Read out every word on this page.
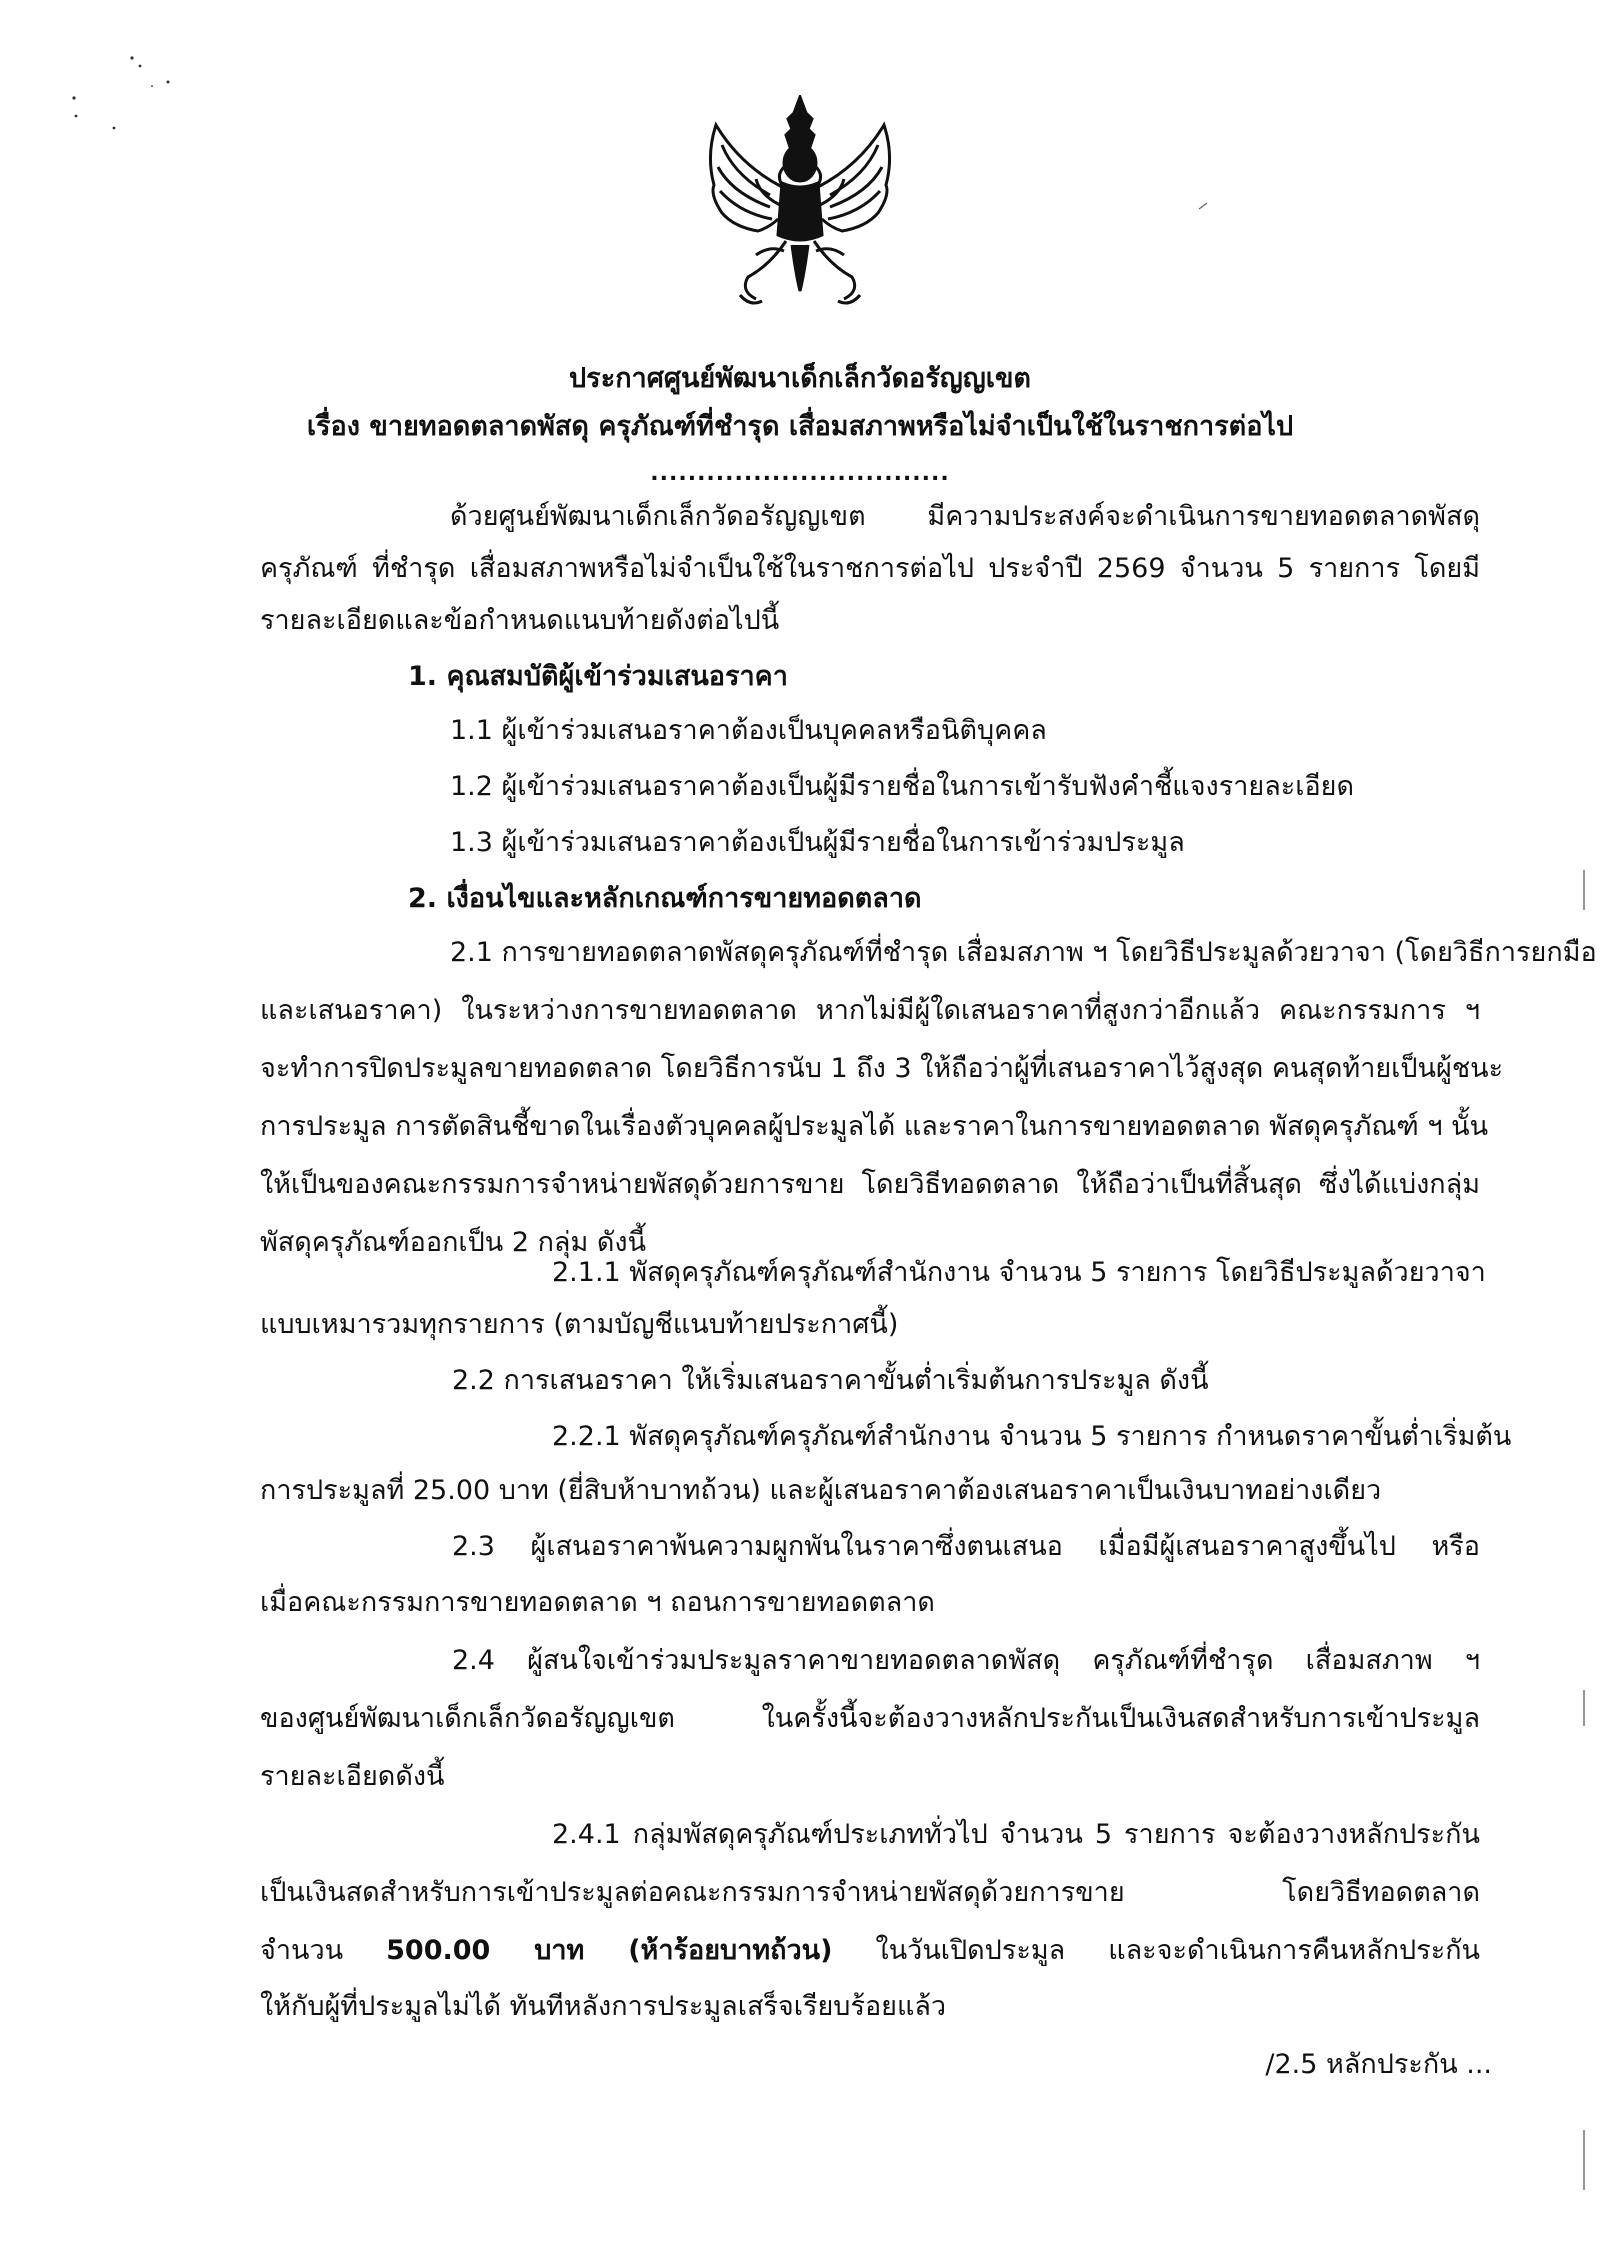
ประกาศศูนย์พัฒนาเด็กเล็กวัดอรัญญเขต
เรื่อง ขายทอดตลาดพัสดุ ครุภัณฑ์ที่ชำรุด เสื่อมสภาพหรือไม่จำเป็นใช้ในราชการต่อไป
................................
ด้วยศูนย์พัฒนาเด็กเล็กวัดอรัญญเขต มีความประสงค์จะดำเนินการขายทอดตลาดพัสดุ
ครุภัณฑ์ ที่ชำรุด เสื่อมสภาพหรือไม่จำเป็นใช้ในราชการต่อไป ประจำปี 2569 จำนวน 5 รายการ โดยมี
รายละเอียดและข้อกำหนดแนบท้ายดังต่อไปนี้
1. คุณสมบัติผู้เข้าร่วมเสนอราคา
1.1 ผู้เข้าร่วมเสนอราคาต้องเป็นบุคคลหรือนิติบุคคล
1.2 ผู้เข้าร่วมเสนอราคาต้องเป็นผู้มีรายชื่อในการเข้ารับฟังคำชี้แจงรายละเอียด
1.3 ผู้เข้าร่วมเสนอราคาต้องเป็นผู้มีรายชื่อในการเข้าร่วมประมูล
2. เงื่อนไขและหลักเกณฑ์การขายทอดตลาด
2.1 การขายทอดตลาดพัสดุครุภัณฑ์ที่ชำรุด เสื่อมสภาพ ฯ โดยวิธีประมูลด้วยวาจา (โดยวิธีการยกมือ
และเสนอราคา) ในระหว่างการขายทอดตลาด หากไม่มีผู้ใดเสนอราคาที่สูงกว่าอีกแล้ว คณะกรรมการ ฯ
จะทำการปิดประมูลขายทอดตลาด โดยวิธีการนับ 1 ถึง 3 ให้ถือว่าผู้ที่เสนอราคาไว้สูงสุด คนสุดท้ายเป็นผู้ชนะ
การประมูล การตัดสินชี้ขาดในเรื่องตัวบุคคลผู้ประมูลได้ และราคาในการขายทอดตลาด พัสดุครุภัณฑ์ ฯ นั้น
ให้เป็นของคณะกรรมการจำหน่ายพัสดุด้วยการขาย โดยวิธีทอดตลาด ให้ถือว่าเป็นที่สิ้นสุด ซึ่งได้แบ่งกลุ่ม
พัสดุครุภัณฑ์ออกเป็น 2 กลุ่ม ดังนี้
2.1.1 พัสดุครุภัณฑ์ครุภัณฑ์สำนักงาน จำนวน 5 รายการ โดยวิธีประมูลด้วยวาจา
แบบเหมารวมทุกรายการ (ตามบัญชีแนบท้ายประกาศนี้)
2.2 การเสนอราคา ให้เริ่มเสนอราคาขั้นต่ำเริ่มต้นการประมูล ดังนี้
2.2.1 พัสดุครุภัณฑ์ครุภัณฑ์สำนักงาน จำนวน 5 รายการ กำหนดราคาขั้นต่ำเริ่มต้น
การประมูลที่ 25.00 บาท (ยี่สิบห้าบาทถ้วน) และผู้เสนอราคาต้องเสนอราคาเป็นเงินบาทอย่างเดียว
2.3 ผู้เสนอราคาพ้นความผูกพันในราคาซึ่งตนเสนอ เมื่อมีผู้เสนอราคาสูงขึ้นไป หรือ
เมื่อคณะกรรมการขายทอดตลาด ฯ ถอนการขายทอดตลาด
2.4 ผู้สนใจเข้าร่วมประมูลราคาขายทอดตลาดพัสดุ ครุภัณฑ์ที่ชำรุด เสื่อมสภาพ ฯ
ของศูนย์พัฒนาเด็กเล็กวัดอรัญญเขต ในครั้งนี้จะต้องวางหลักประกันเป็นเงินสดสำหรับการเข้าประมูล
รายละเอียดดังนี้
2.4.1 กลุ่มพัสดุครุภัณฑ์ประเภททั่วไป จำนวน 5 รายการ จะต้องวางหลักประกัน
เป็นเงินสดสำหรับการเข้าประมูลต่อคณะกรรมการจำหน่ายพัสดุด้วยการขาย โดยวิธีทอดตลาด
จำนวน 500.00 บาท (ห้าร้อยบาทถ้วน) ในวันเปิดประมูล และจะดำเนินการคืนหลักประกัน
ให้กับผู้ที่ประมูลไม่ได้ ทันทีหลังการประมูลเสร็จเรียบร้อยแล้ว
/2.5 หลักประกัน ...
